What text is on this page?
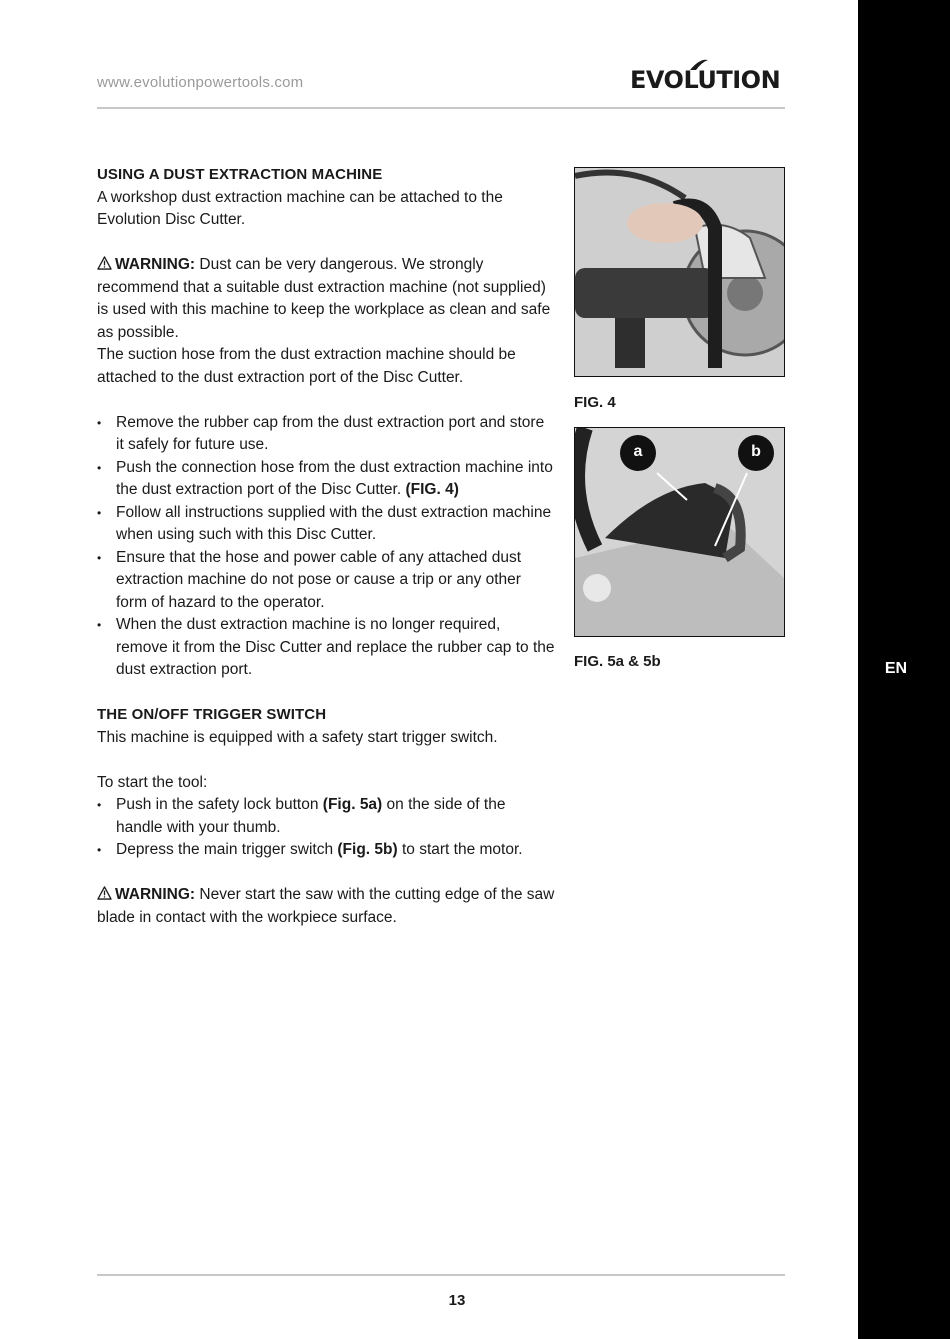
www.evolutionpowertools.com	EVOLUTION
EN

USING A DUST EXTRACTION MACHINE

A workshop dust extraction machine can be attached to the Evolution Disc Cutter.

WARNING: Dust can be very dangerous. We strongly recommend that a suitable dust extraction machine (not supplied) is used with this machine to keep the workplace as clean and safe as possible.

The suction hose from the dust extraction machine should be attached to the dust extraction port of the Disc Cutter.

• Remove the rubber cap from the dust extraction port and store it safely for future use.
• Push the connection hose from the dust extraction machine into the dust extraction port of the Disc Cutter. (FIG. 4)
• Follow all instructions supplied with the dust extraction machine when using such with this Disc Cutter.
• Ensure that the hose and power cable of any attached dust extraction machine do not pose or cause a trip or any other form of hazard to the operator.
• When the dust extraction machine is no longer required, remove it from the Disc Cutter and replace the rubber cap to the dust extraction port.

THE ON/OFF TRIGGER SWITCH

This machine is equipped with a safety start trigger switch.

To start the tool:

• Push in the safety lock button (Fig. 5a) on the side of the handle with your thumb.
• Depress the main trigger switch (Fig. 5b) to start the motor.

WARNING: Never start the saw with the cutting edge of the saw blade in contact with the workpiece surface.

FIG. 4
a	b
FIG. 5a & 5b
13
